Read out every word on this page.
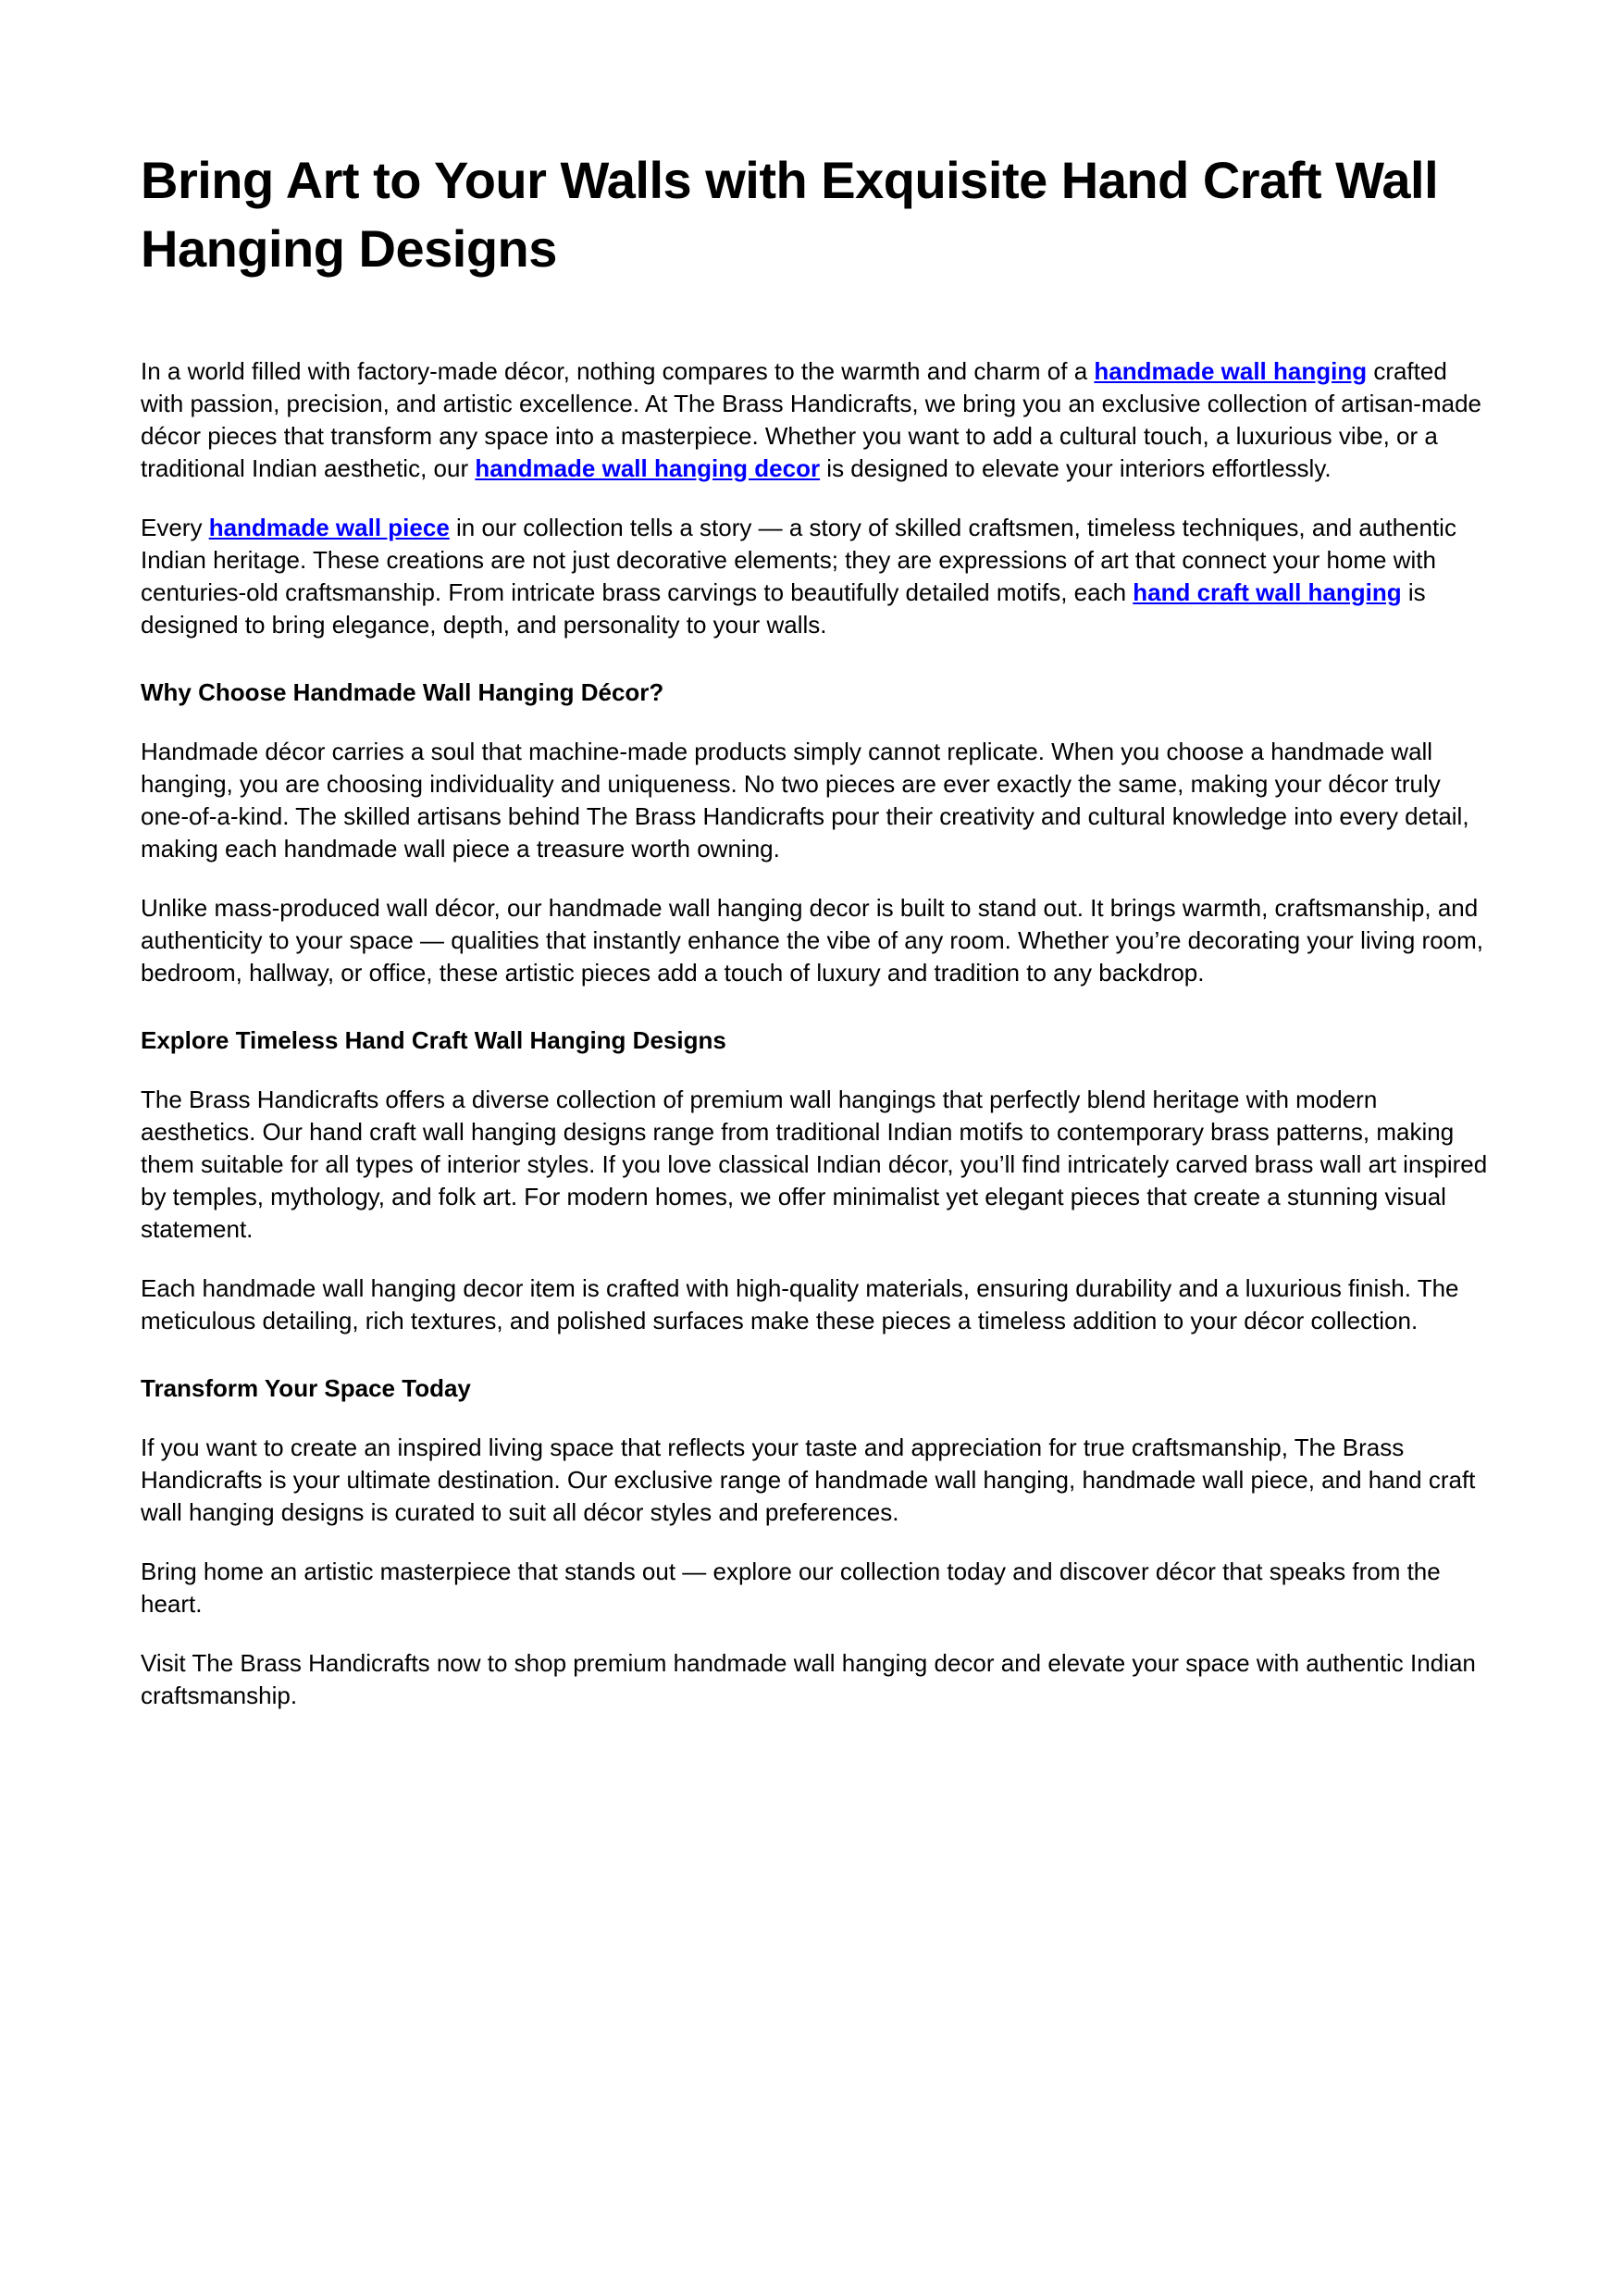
Bring Art to Your Walls with Exquisite Hand Craft Wall Hanging Designs

In a world filled with factory-made décor, nothing compares to the warmth and charm of a handmade wall hanging crafted with passion, precision, and artistic excellence. At The Brass Handicrafts, we bring you an exclusive collection of artisan-made décor pieces that transform any space into a masterpiece. Whether you want to add a cultural touch, a luxurious vibe, or a traditional Indian aesthetic, our handmade wall hanging decor is designed to elevate your interiors effortlessly.

Every handmade wall piece in our collection tells a story — a story of skilled craftsmen, timeless techniques, and authentic Indian heritage. These creations are not just decorative elements; they are expressions of art that connect your home with centuries-old craftsmanship. From intricate brass carvings to beautifully detailed motifs, each hand craft wall hanging is designed to bring elegance, depth, and personality to your walls.

Why Choose Handmade Wall Hanging Décor?

Handmade décor carries a soul that machine-made products simply cannot replicate. When you choose a handmade wall hanging, you are choosing individuality and uniqueness. No two pieces are ever exactly the same, making your décor truly one-of-a-kind. The skilled artisans behind The Brass Handicrafts pour their creativity and cultural knowledge into every detail, making each handmade wall piece a treasure worth owning.

Unlike mass-produced wall décor, our handmade wall hanging decor is built to stand out. It brings warmth, craftsmanship, and authenticity to your space — qualities that instantly enhance the vibe of any room. Whether you’re decorating your living room, bedroom, hallway, or office, these artistic pieces add a touch of luxury and tradition to any backdrop.

Explore Timeless Hand Craft Wall Hanging Designs

The Brass Handicrafts offers a diverse collection of premium wall hangings that perfectly blend heritage with modern aesthetics. Our hand craft wall hanging designs range from traditional Indian motifs to contemporary brass patterns, making them suitable for all types of interior styles. If you love classical Indian décor, you’ll find intricately carved brass wall art inspired by temples, mythology, and folk art. For modern homes, we offer minimalist yet elegant pieces that create a stunning visual statement.

Each handmade wall hanging decor item is crafted with high-quality materials, ensuring durability and a luxurious finish. The meticulous detailing, rich textures, and polished surfaces make these pieces a timeless addition to your décor collection.

Transform Your Space Today

If you want to create an inspired living space that reflects your taste and appreciation for true craftsmanship, The Brass Handicrafts is your ultimate destination. Our exclusive range of handmade wall hanging, handmade wall piece, and hand craft wall hanging designs is curated to suit all décor styles and preferences.

Bring home an artistic masterpiece that stands out — explore our collection today and discover décor that speaks from the heart.

Visit The Brass Handicrafts now to shop premium handmade wall hanging decor and elevate your space with authentic Indian craftsmanship.
